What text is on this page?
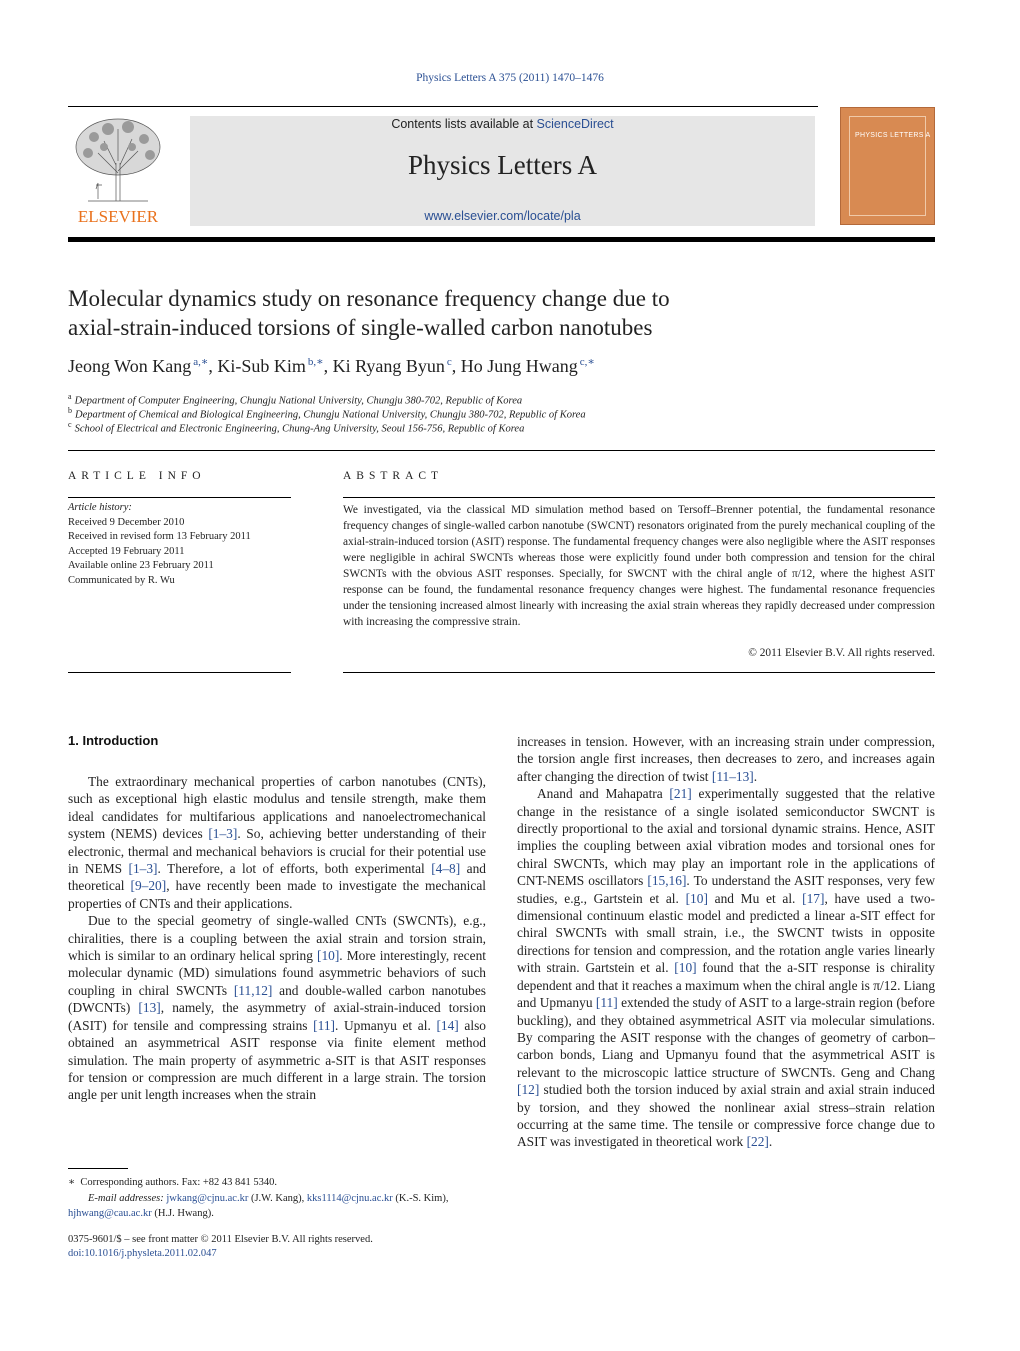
Physics Letters A 375 (2011) 1470–1476
ELSEVIER
Contents lists available at ScienceDirect
Physics Letters A
www.elsevier.com/locate/pla
PHYSICS LETTERS A
Molecular dynamics study on resonance frequency change due to
axial-strain-induced torsions of single-walled carbon nanotubes
Jeong Won Kang $^{a,∗}$, Ki-Sub Kim $^{b,∗}$, Ki Ryang Byun $^c$, Ho Jung Hwang $^{c,∗}$
$^a$ Department of Computer Engineering, Chungju National University, Chungju 380-702, Republic of Korea
$^b$ Department of Chemical and Biological Engineering, Chungju National University, Chungju 380-702, Republic of Korea
$^c$ School of Electrical and Electronic Engineering, Chung-Ang University, Seoul 156-756, Republic of Korea
ARTICLE INFO
Article history:
Received 9 December 2010
Received in revised form 13 February 2011
Accepted 19 February 2011
Available online 23 February 2011
Communicated by R. Wu
ABSTRACT
We investigated, via the classical MD simulation method based on Tersoff–Brenner potential, the fundamental resonance frequency changes of single-walled carbon nanotube (SWCNT) resonators originated from the purely mechanical coupling of the axial-strain-induced torsion (ASIT) response. The fundamental frequency changes were also negligible where the ASIT responses were negligible in achiral SWCNTs whereas those were explicitly found under both compression and tension for the chiral SWCNTs with the obvious ASIT responses. Specially, for SWCNT with the chiral angle of π/12, where the highest ASIT response can be found, the fundamental resonance frequency changes were highest. The fundamental resonance frequencies under the tensioning increased almost linearly with increasing the axial strain whereas they rapidly decreased under compression with increasing the compressive strain.
© 2011 Elsevier B.V. All rights reserved.
1. Introduction

The extraordinary mechanical properties of carbon nanotubes (CNTs), such as exceptional high elastic modulus and tensile strength, make them ideal candidates for multifarious applications and nanoelectromechanical system (NEMS) devices [1–3]. So, achieving better understanding of their electronic, thermal and mechanical behaviors is crucial for their potential use in NEMS [1–3]. Therefore, a lot of efforts, both experimental [4–8] and theoretical [9–20], have recently been made to investigate the mechanical properties of CNTs and their applications.

Due to the special geometry of single-walled CNTs (SWCNTs), e.g., chiralities, there is a coupling between the axial strain and torsion strain, which is similar to an ordinary helical spring [10]. More interestingly, recent molecular dynamic (MD) simulations found asymmetric behaviors of such coupling in chiral SWCNTs [11,12] and double-walled carbon nanotubes (DWCNTs) [13], namely, the asymmetry of axial-strain-induced torsion (ASIT) for tensile and compressing strains [11]. Upmanyu et al. [14] also obtained an asymmetrical ASIT response via finite element method simulation. The main property of asymmetric a-SIT is that ASIT responses for tension or compression are much different in a large strain. The torsion angle per unit length increases when the strain

increases in tension. However, with an increasing strain under compression, the torsion angle first increases, then decreases to zero, and increases again after changing the direction of twist [11–13].

Anand and Mahapatra [21] experimentally suggested that the relative change in the resistance of a single isolated semiconductor SWCNT is directly proportional to the axial and torsional dynamic strains. Hence, ASIT implies the coupling between axial vibration modes and torsional ones for chiral SWCNTs, which may play an important role in the applications of CNT-NEMS oscillators [15,16]. To understand the ASIT responses, very few studies, e.g., Gartstein et al. [10] and Mu et al. [17], have used a two-dimensional continuum elastic model and predicted a linear a-SIT effect for chiral SWCNTs with small strain, i.e., the SWCNT twists in opposite directions for tension and compression, and the rotation angle varies linearly with strain. Gartstein et al. [10] found that the a-SIT response is chirality dependent and that it reaches a maximum when the chiral angle is π/12. Liang and Upmanyu [11] extended the study of ASIT to a large-strain region (before buckling), and they obtained asymmetrical ASIT via molecular simulations. By comparing the ASIT response with the changes of geometry of carbon–carbon bonds, Liang and Upmanyu found that the asymmetrical ASIT is relevant to the microscopic lattice structure of SWCNTs. Geng and Chang [12] studied both the torsion induced by axial strain and axial strain induced by torsion, and they showed the nonlinear axial stress–strain relation occurring at the same time. The tensile or compressive force change due to ASIT was investigated in theoretical work [22].

∗ Corresponding authors. Fax: +82 43 841 5340.
E-mail addresses: jwkang@cjnu.ac.kr (J.W. Kang), kks1114@cjnu.ac.kr (K.-S. Kim),
hjhwang@cau.ac.kr (H.J. Hwang).
0375-9601/$ – see front matter © 2011 Elsevier B.V. All rights reserved.
doi:10.1016/j.physleta.2011.02.047
